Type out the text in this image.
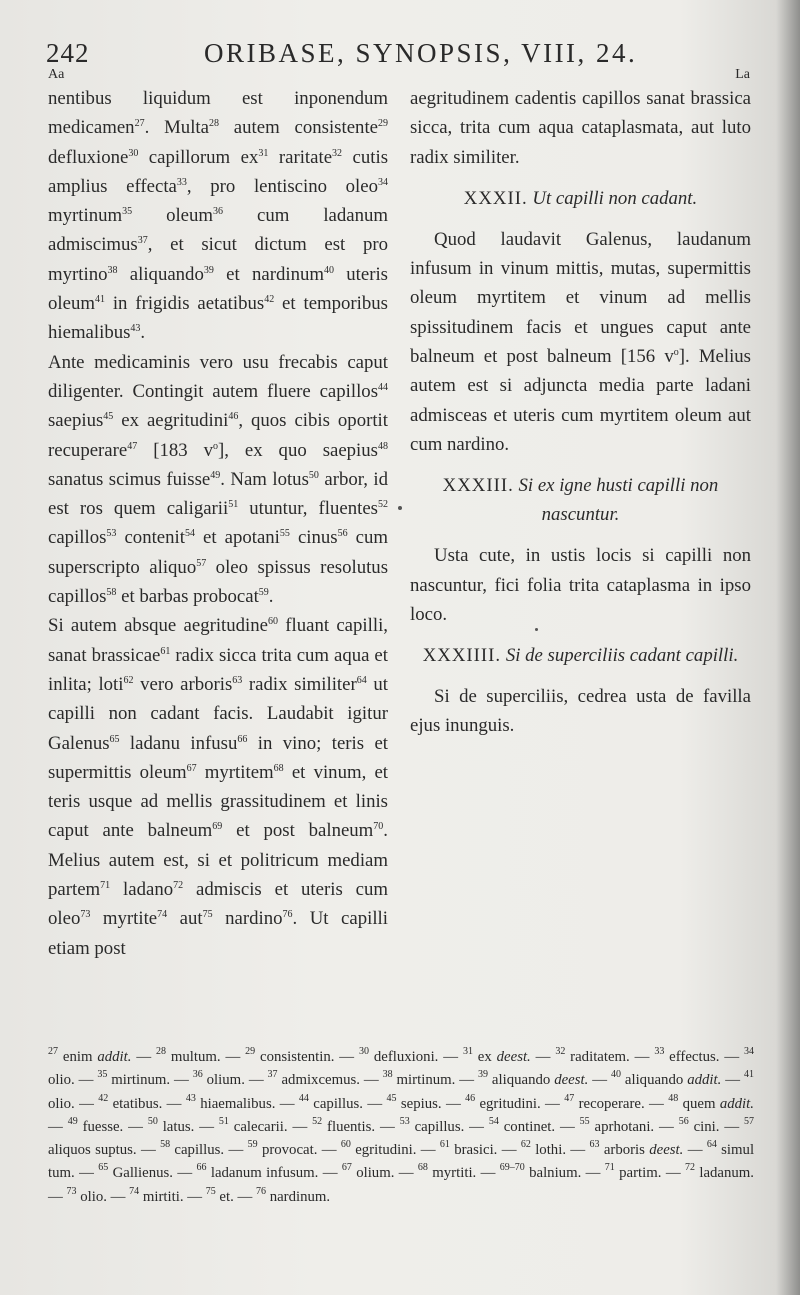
242	ORIBASE, SYNOPSIS, VIII, 24.
Aa	La

nentibus liquidum est inponendum medicamen$^{27}$. Multa$^{28}$ autem consistente$^{29}$ defluxione$^{30}$ capillorum $ex^{31}$ raritate$^{32}$ cutis amplius effecta$^{33}$, pro lentiscino oleo$^{34}$ myrtinum$^{35}$ oleum$^{36}$ cum ladanum admiscimus$^{37}$, et sicut dictum est pro myrtino$^{38}$ aliquando$^{39}$ et nardinum$^{40}$ uteris oleum$^{41}$ in frigidis aetatibus$^{42}$ et temporibus hiemalibus$^{43}$.

Ante medicaminis vero usu frecabis caput diligenter. Contingit autem fluere capillos$^{44}$ saepius$^{45}$ ex aegritudini$^{46}$, quos cibis oportit recuperare$^{47}$ [183 $v^o$], ex quo saepius$^{48}$ sanatus scimus fuisse$^{49}$. Nam lotus$^{50}$ arbor, id est ros quem caligarii$^{51}$ utuntur, fluentes$^{52}$ capillos$^{53}$ contenit$^{54}$ et apotani$^{55}$ cinus$^{56}$ cum superscripto aliquo$^{57}$ oleo spissus resolutus capillos$^{58}$ et barbas probocat$^{59}$.

Si autem absque aegritudine$^{60}$ fluant capilli, sanat brassicae$^{61}$ radix sicca trita cum aqua et inlita; loti$^{62}$ vero arboris$^{63}$ radix similiter$^{64}$ ut capilli non cadant facis. Laudabit igitur Galenus$^{65}$ ladanu infusu$^{66}$ in vino; teris et supermittis oleum$^{67}$ myrtitem$^{68}$ et vinum, et teris usque ad mellis grassitudinem et linis caput ante balneum$^{69}$ et post balneum$^{70}$. Melius autem est, si et politricum mediam partem$^{71}$ ladano$^{72}$ admiscis et uteris cum oleo$^{73}$ myrtite$^{74}$ aut$^{75}$ nardino$^{76}$. Ut capilli etiam post

aegritudinem cadentis capillos sanat brassica sicca, trita cum aqua cataplasmata, aut luto radix similiter.

XXXII. Ut capilli non cadant.

Quod laudavit Galenus, laudanum infusum in vinum mittis, mutas, supermittis oleum myrtitem et vinum ad mellis spissitudinem facis et ungues caput ante balneum et post balneum [156 $v^o$]. Melius autem est si adjuncta media parte ladani admisceas et uteris cum myrtitem oleum aut cum nardino.

XXXIII. Si ex igne husti capilli non nascuntur.

Usta cute, in ustis locis si capilli non nascuntur, fici folia trita cataplasma in ipso loco.

XXXIIII. Si de superciliis cadant capilli.

Si de superciliis, cedrea usta de favilla ejus inunguis.

$^{27}$ enim addit. — $^{28}$ multum. — $^{29}$ consistentin. — $^{30}$ defluxioni. — $^{31}$ ex deest. — $^{32}$ raditatem. — $^{33}$ effectus. — $^{34}$ olio. — $^{35}$ mirtinum. — $^{36}$ olium. — $^{37}$ admixcemus. — $^{38}$ mirtinum. — $^{39}$ aliquando deest. — $^{40}$ aliquando addit. — $^{41}$ olio. — $^{42}$ etatibus. — $^{43}$ hiaemalibus. — $^{44}$ capillus. — $^{45}$ sepius. — $^{46}$ egritudini. — $^{47}$ recoperare. — $^{48}$ quem addit. — $^{49}$ fuesse. — $^{50}$ latus. — $^{51}$ calecarii. — $^{52}$ fluentis. — $^{53}$ capillus. — $^{54}$ continet. — $^{55}$ aprhotani. — $^{56}$ cini. — $^{57}$ aliquos suptus. — $^{58}$ capillus. — $^{59}$ provocat. — $^{60}$ egritudini. — $^{61}$ brasici. — $^{62}$ lothi. — $^{63}$ arboris deest. — $^{64}$ simul tum. — $^{65}$ Gallienus. — $^{66}$ ladanum infusum. — $^{67}$ olium. — $^{68}$ myrtiti. — $^{69-70}$ balnium. — $^{71}$ partim. — $^{72}$ ladanum. — $^{73}$ olio. — $^{74}$ mirtiti. — $^{75}$ et. — $^{76}$ nardinum.
